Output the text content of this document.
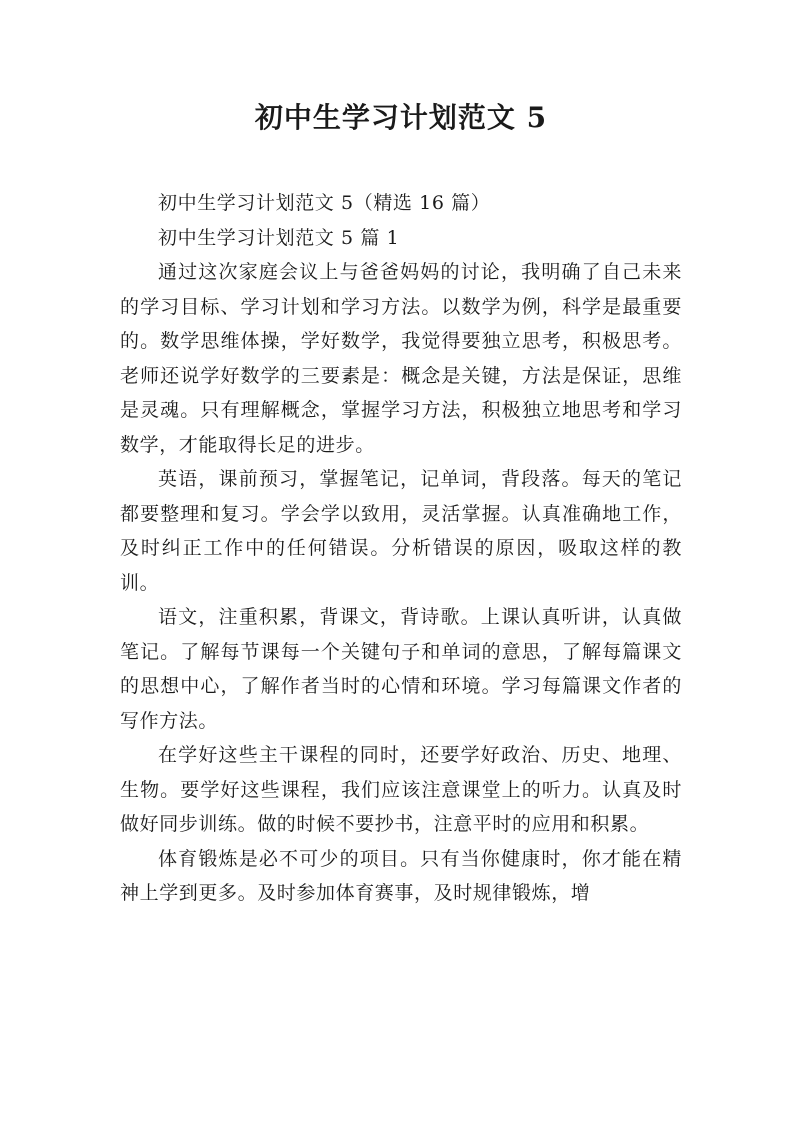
初中生学习计划范文 5

初中生学习计划范文 5（精选 16 篇）

初中生学习计划范文 5 篇 1

通过这次家庭会议上与爸爸妈妈的讨论，我明确了自己未来的学习目标、学习计划和学习方法。以数学为例，科学是最重要的。数学思维体操，学好数学，我觉得要独立思考，积极思考。老师还说学好数学的三要素是：概念是关键，方法是保证，思维是灵魂。只有理解概念，掌握学习方法，积极独立地思考和学习数学，才能取得长足的进步。

英语，课前预习，掌握笔记，记单词，背段落。每天的笔记都要整理和复习。学会学以致用，灵活掌握。认真准确地工作，及时纠正工作中的任何错误。分析错误的原因，吸取这样的教训。

语文，注重积累，背课文，背诗歌。上课认真听讲，认真做笔记。了解每节课每一个关键句子和单词的意思，了解每篇课文的思想中心，了解作者当时的心情和环境。学习每篇课文作者的写作方法。

在学好这些主干课程的同时，还要学好政治、历史、地理、生物。要学好这些课程，我们应该注意课堂上的听力。认真及时做好同步训练。做的时候不要抄书，注意平时的应用和积累。

体育锻炼是必不可少的项目。只有当你健康时，你才能在精神上学到更多。及时参加体育赛事，及时规律锻炼，增
